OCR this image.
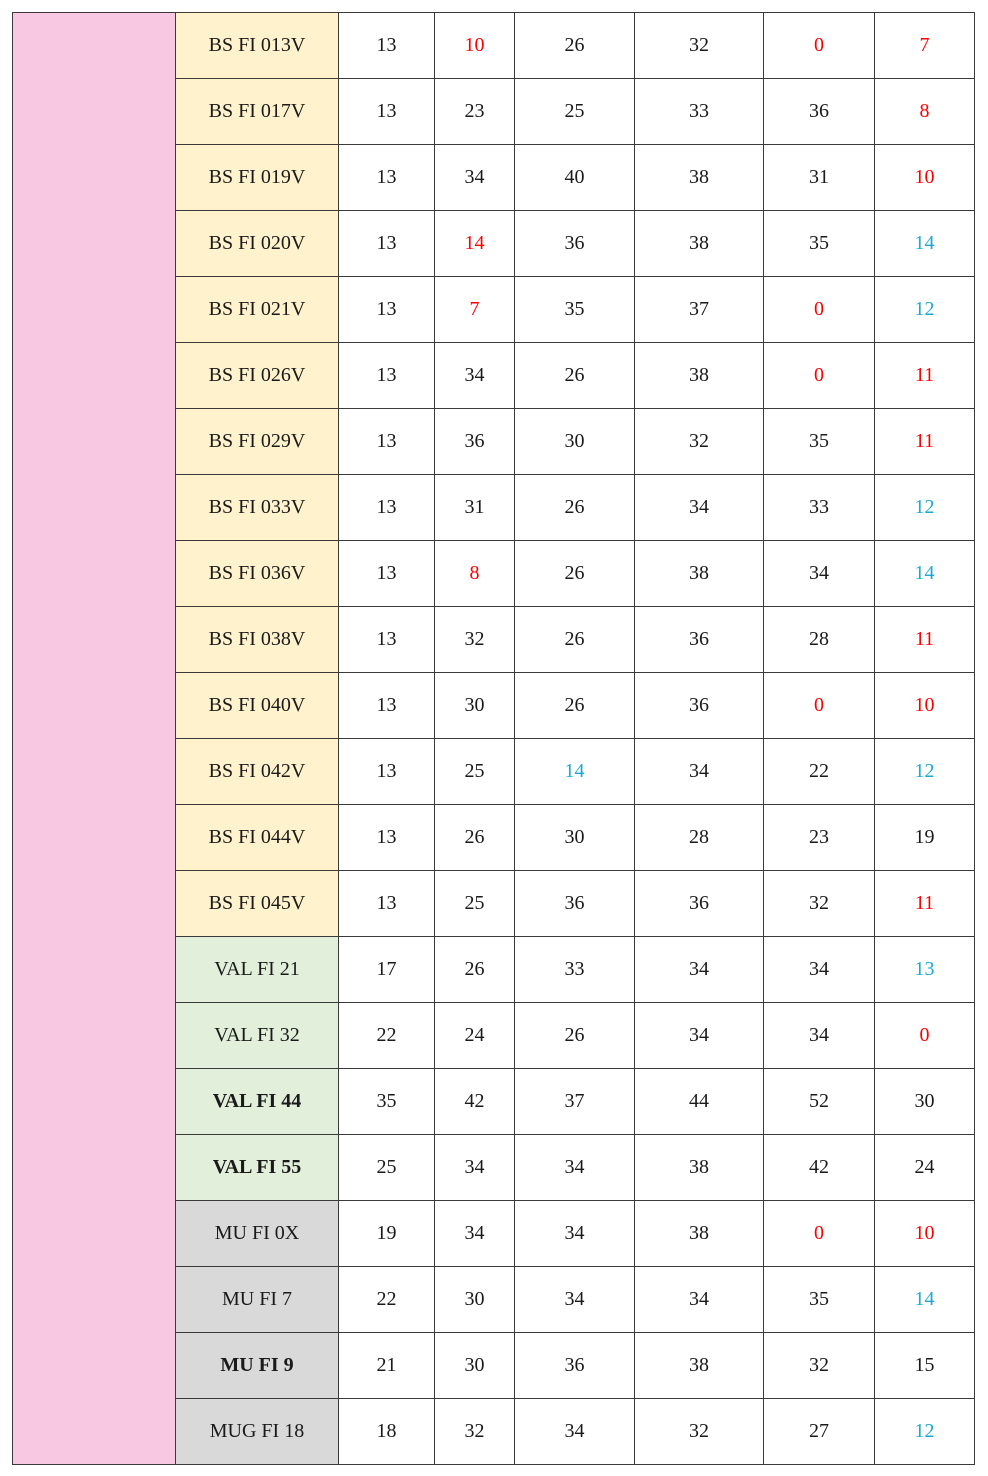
	BS FI 013V	13	10	26	32	0	7
	BS FI 017V	13	23	25	33	36	8
	BS FI 019V	13	34	40	38	31	10
	BS FI 020V	13	14	36	38	35	14
	BS FI 021V	13	7	35	37	0	12
	BS FI 026V	13	34	26	38	0	11
	BS FI 029V	13	36	30	32	35	11
	BS FI 033V	13	31	26	34	33	12
	BS FI 036V	13	8	26	38	34	14
	BS FI 038V	13	32	26	36	28	11
	BS FI 040V	13	30	26	36	0	10
	BS FI 042V	13	25	14	34	22	12
	BS FI 044V	13	26	30	28	23	19
	BS FI 045V	13	25	36	36	32	11
	VAL FI 21	17	26	33	34	34	13
	VAL FI 32	22	24	26	34	34	0
	VAL FI 44	35	42	37	44	52	30
	VAL FI 55	25	34	34	38	42	24
	MU FI 0X	19	34	34	38	0	10
	MU FI 7	22	30	34	34	35	14
	MU FI 9	21	30	36	38	32	15
	MUG FI 18	18	32	34	32	27	12
